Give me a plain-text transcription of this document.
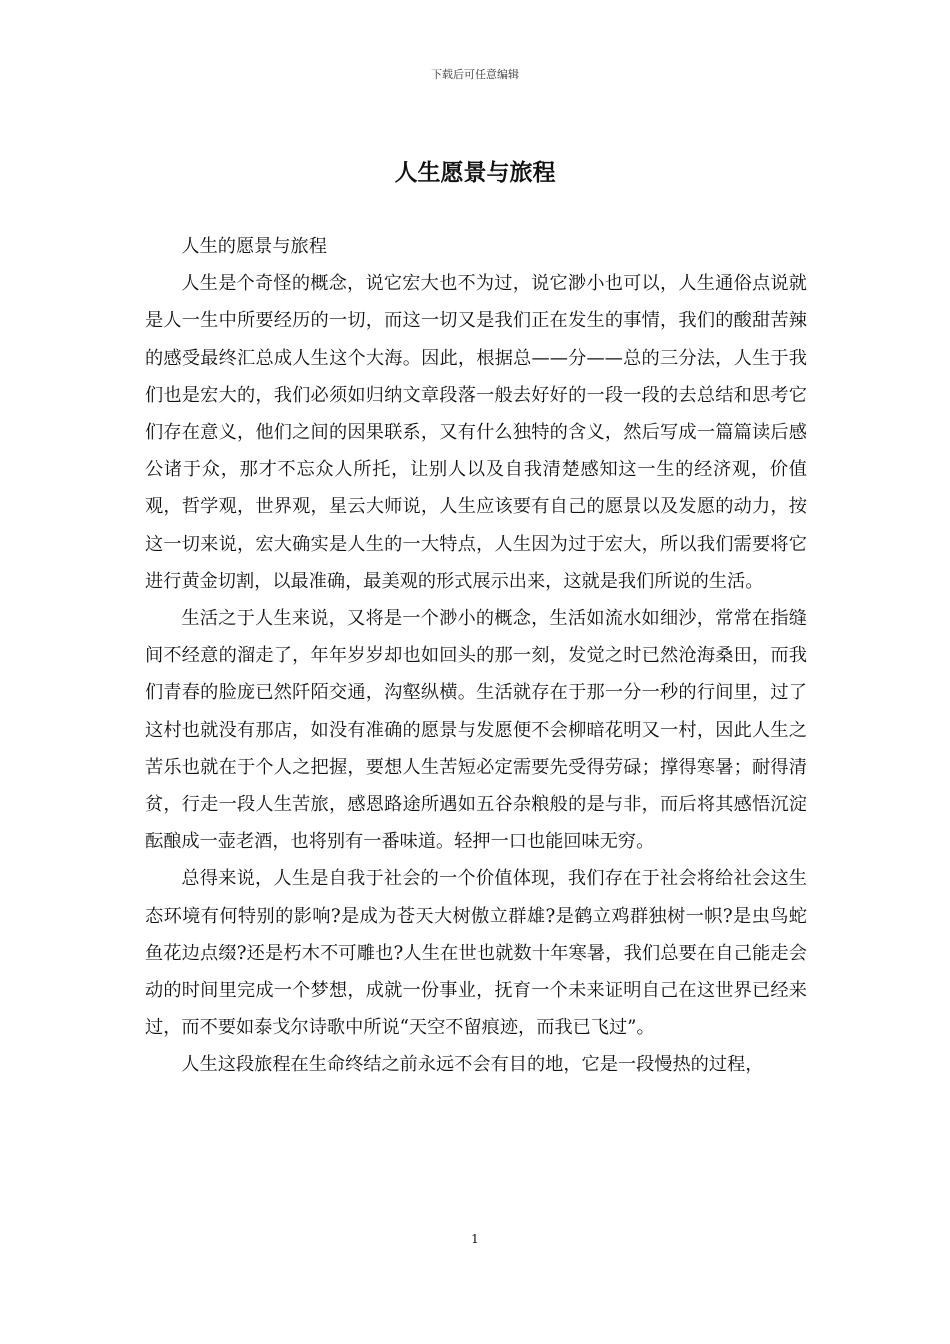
下载后可任意编辑
人生愿景与旅程

人生的愿景与旅程

人生是个奇怪的概念，说它宏大也不为过，说它渺小也可以，人生通俗点说就是人一生中所要经历的一切，而这一切又是我们正在发生的事情，我们的酸甜苦辣的感受最终汇总成人生这个大海。因此，根据总——分——总的三分法，人生于我们也是宏大的，我们必须如归纳文章段落一般去好好的一段一段的去总结和思考它们存在意义，他们之间的因果联系，又有什么独特的含义，然后写成一篇篇读后感公诸于众，那才不忘众人所托，让别人以及自我清楚感知这一生的经济观，价值观，哲学观，世界观，星云大师说，人生应该要有自己的愿景以及发愿的动力，按这一切来说，宏大确实是人生的一大特点，人生因为过于宏大，所以我们需要将它进行黄金切割，以最准确，最美观的形式展示出来，这就是我们所说的生活。

生活之于人生来说，又将是一个渺小的概念，生活如流水如细沙，常常在指缝间不经意的溜走了，年年岁岁却也如回头的那一刻，发觉之时已然沧海桑田，而我们青春的脸庞已然阡陌交通，沟壑纵横。生活就存在于那一分一秒的行间里，过了这村也就没有那店，如没有准确的愿景与发愿便不会柳暗花明又一村，因此人生之苦乐也就在于个人之把握，要想人生苦短必定需要先受得劳碌；撑得寒暑；耐得清贫，行走一段人生苦旅，感恩路途所遇如五谷杂粮般的是与非，而后将其感悟沉淀酝酿成一壶老酒，也将别有一番味道。轻押一口也能回味无穷。

总得来说，人生是自我于社会的一个价值体现，我们存在于社会将给社会这生态环境有何特别的影响?是成为苍天大树傲立群雄?是鹤立鸡群独树一帜?是虫鸟蛇鱼花边点缀?还是朽木不可雕也?人生在世也就数十年寒暑，我们总要在自己能走会动的时间里完成一个梦想，成就一份事业，抚育一个未来证明自己在这世界已经来过，而不要如泰戈尔诗歌中所说“天空不留痕迹，而我已飞过”。

人生这段旅程在生命终结之前永远不会有目的地，它是一段慢热的过程，

1
